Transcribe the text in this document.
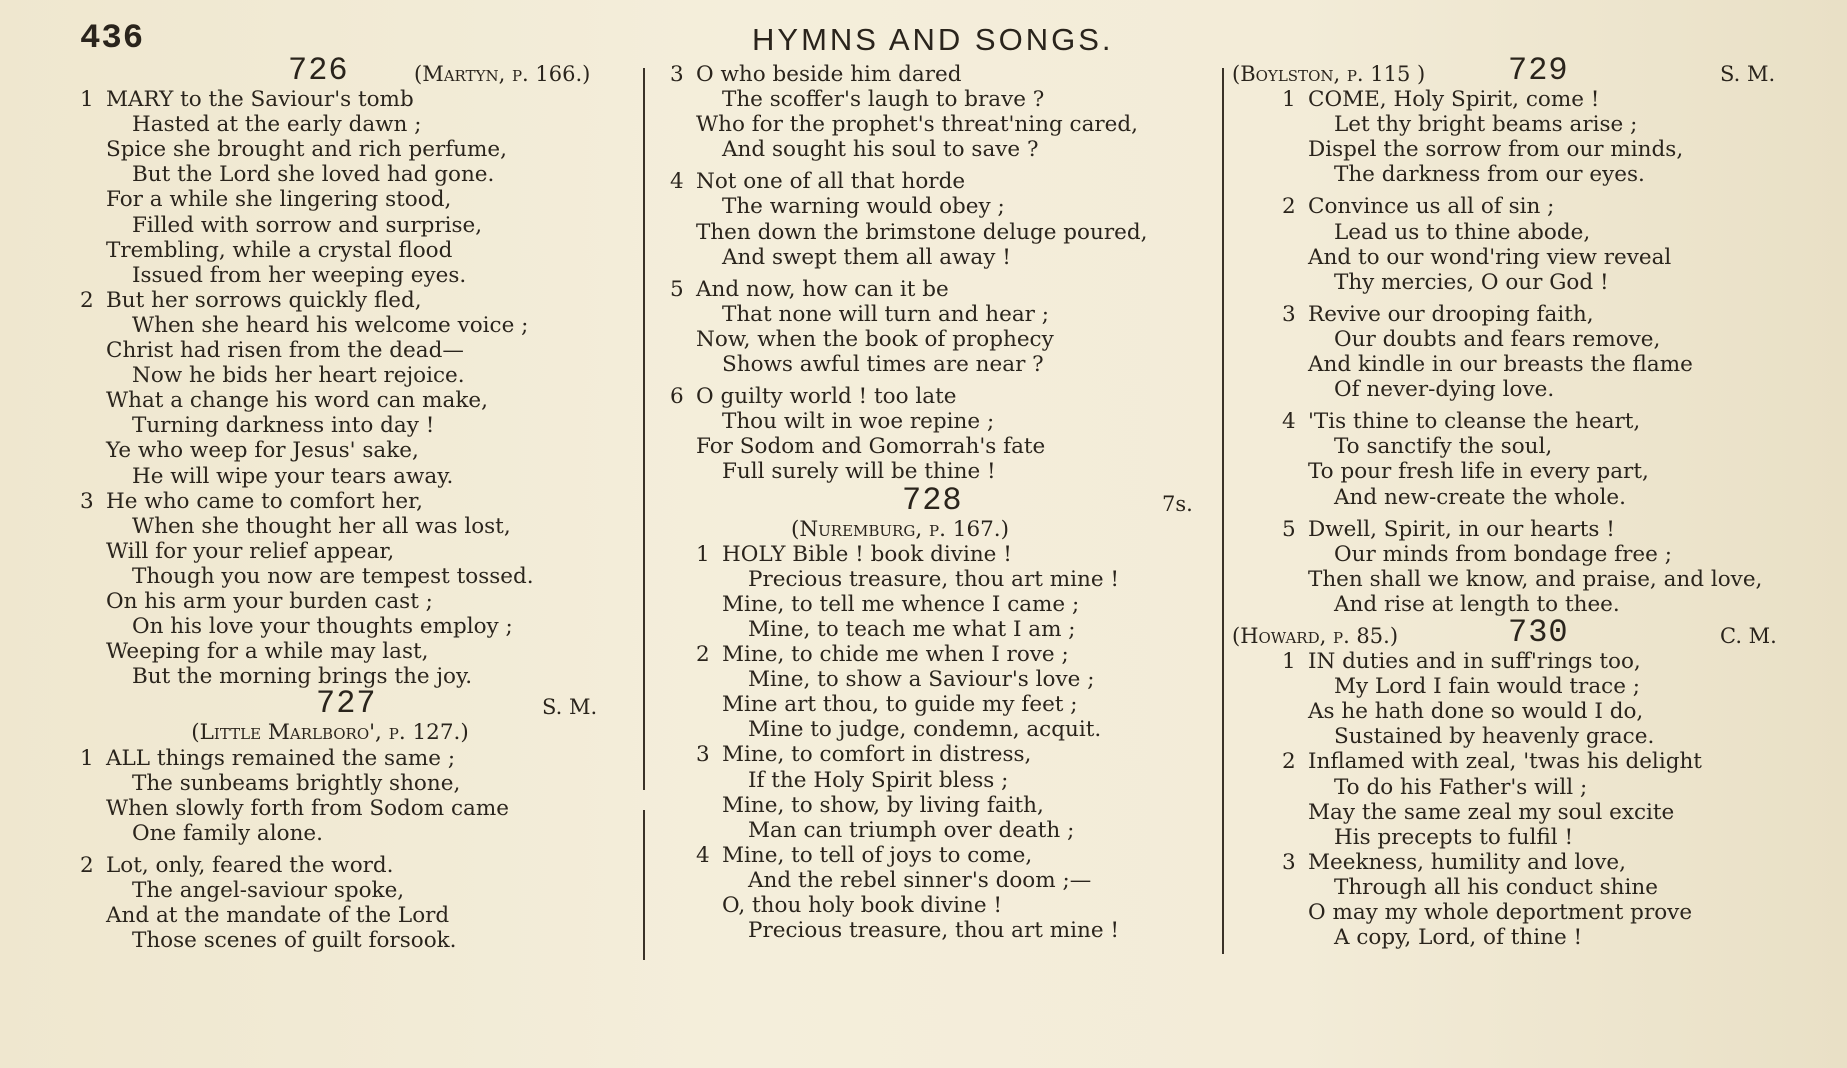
436	HYMNS AND SONGS.
726	(Martyn, p. 166.)
1 MARY to the Saviour's tomb
Hasted at the early dawn ;
Spice she brought and rich perfume,
But the Lord she loved had gone.
For a while she lingering stood,
Filled with sorrow and surprise,
Trembling, while a crystal flood
Issued from her weeping eyes.
2 But her sorrows quickly fled,
When she heard his welcome voice ;
Christ had risen from the dead—
Now he bids her heart rejoice.
What a change his word can make,
Turning darkness into day !
Ye who weep for Jesus' sake,
He will wipe your tears away.
3 He who came to comfort her,
When she thought her all was lost,
Will for your relief appear,
Though you now are tempest tossed.
On his arm your burden cast ;
On his love your thoughts employ ;
Weeping for a while may last,
But the morning brings the joy.
727	S. M.
(Little Marlboro', p. 127.)
1 ALL things remained the same ;
The sunbeams brightly shone,
When slowly forth from Sodom came
One family alone.
2 Lot, only, feared the word.
The angel-saviour spoke,
And at the mandate of the Lord
Those scenes of guilt forsook.
3 O who beside him dared
The scoffer's laugh to brave ?
Who for the prophet's threat'ning cared,
And sought his soul to save ?
4 Not one of all that horde
The warning would obey ;
Then down the brimstone deluge poured,
And swept them all away !
5 And now, how can it be
That none will turn and hear ;
Now, when the book of prophecy
Shows awful times are near ?
6 O guilty world ! too late
Thou wilt in woe repine ;
For Sodom and Gomorrah's fate
Full surely will be thine !
728	7s.
(Nuremburg, p. 167.)
1 HOLY Bible ! book divine !
Precious treasure, thou art mine !
Mine, to tell me whence I came ;
Mine, to teach me what I am ;
2 Mine, to chide me when I rove ;
Mine, to show a Saviour's love ;
Mine art thou, to guide my feet ;
Mine to judge, condemn, acquit.
3 Mine, to comfort in distress,
If the Holy Spirit bless ;
Mine, to show, by living faith,
Man can triumph over death ;
4 Mine, to tell of joys to come,
And the rebel sinner's doom ;—
O, thou holy book divine !
Precious treasure, thou art mine !
(Boylston, p. 115 )	729	S. M.
1 COME, Holy Spirit, come !
Let thy bright beams arise ;
Dispel the sorrow from our minds,
The darkness from our eyes.
2 Convince us all of sin ;
Lead us to thine abode,
And to our wond'ring view reveal
Thy mercies, O our God !
3 Revive our drooping faith,
Our doubts and fears remove,
And kindle in our breasts the flame
Of never-dying love.
4 'Tis thine to cleanse the heart,
To sanctify the soul,
To pour fresh life in every part,
And new-create the whole.
5 Dwell, Spirit, in our hearts !
Our minds from bondage free ;
Then shall we know, and praise, and love,
And rise at length to thee.
(Howard, p. 85.)	730	C. M.
1 IN duties and in suff'rings too,
My Lord I fain would trace ;
As he hath done so would I do,
Sustained by heavenly grace.
2 Inflamed with zeal, 'twas his delight
To do his Father's will ;
May the same zeal my soul excite
His precepts to fulfil !
3 Meekness, humility and love,
Through all his conduct shine
O may my whole deportment prove
A copy, Lord, of thine !
